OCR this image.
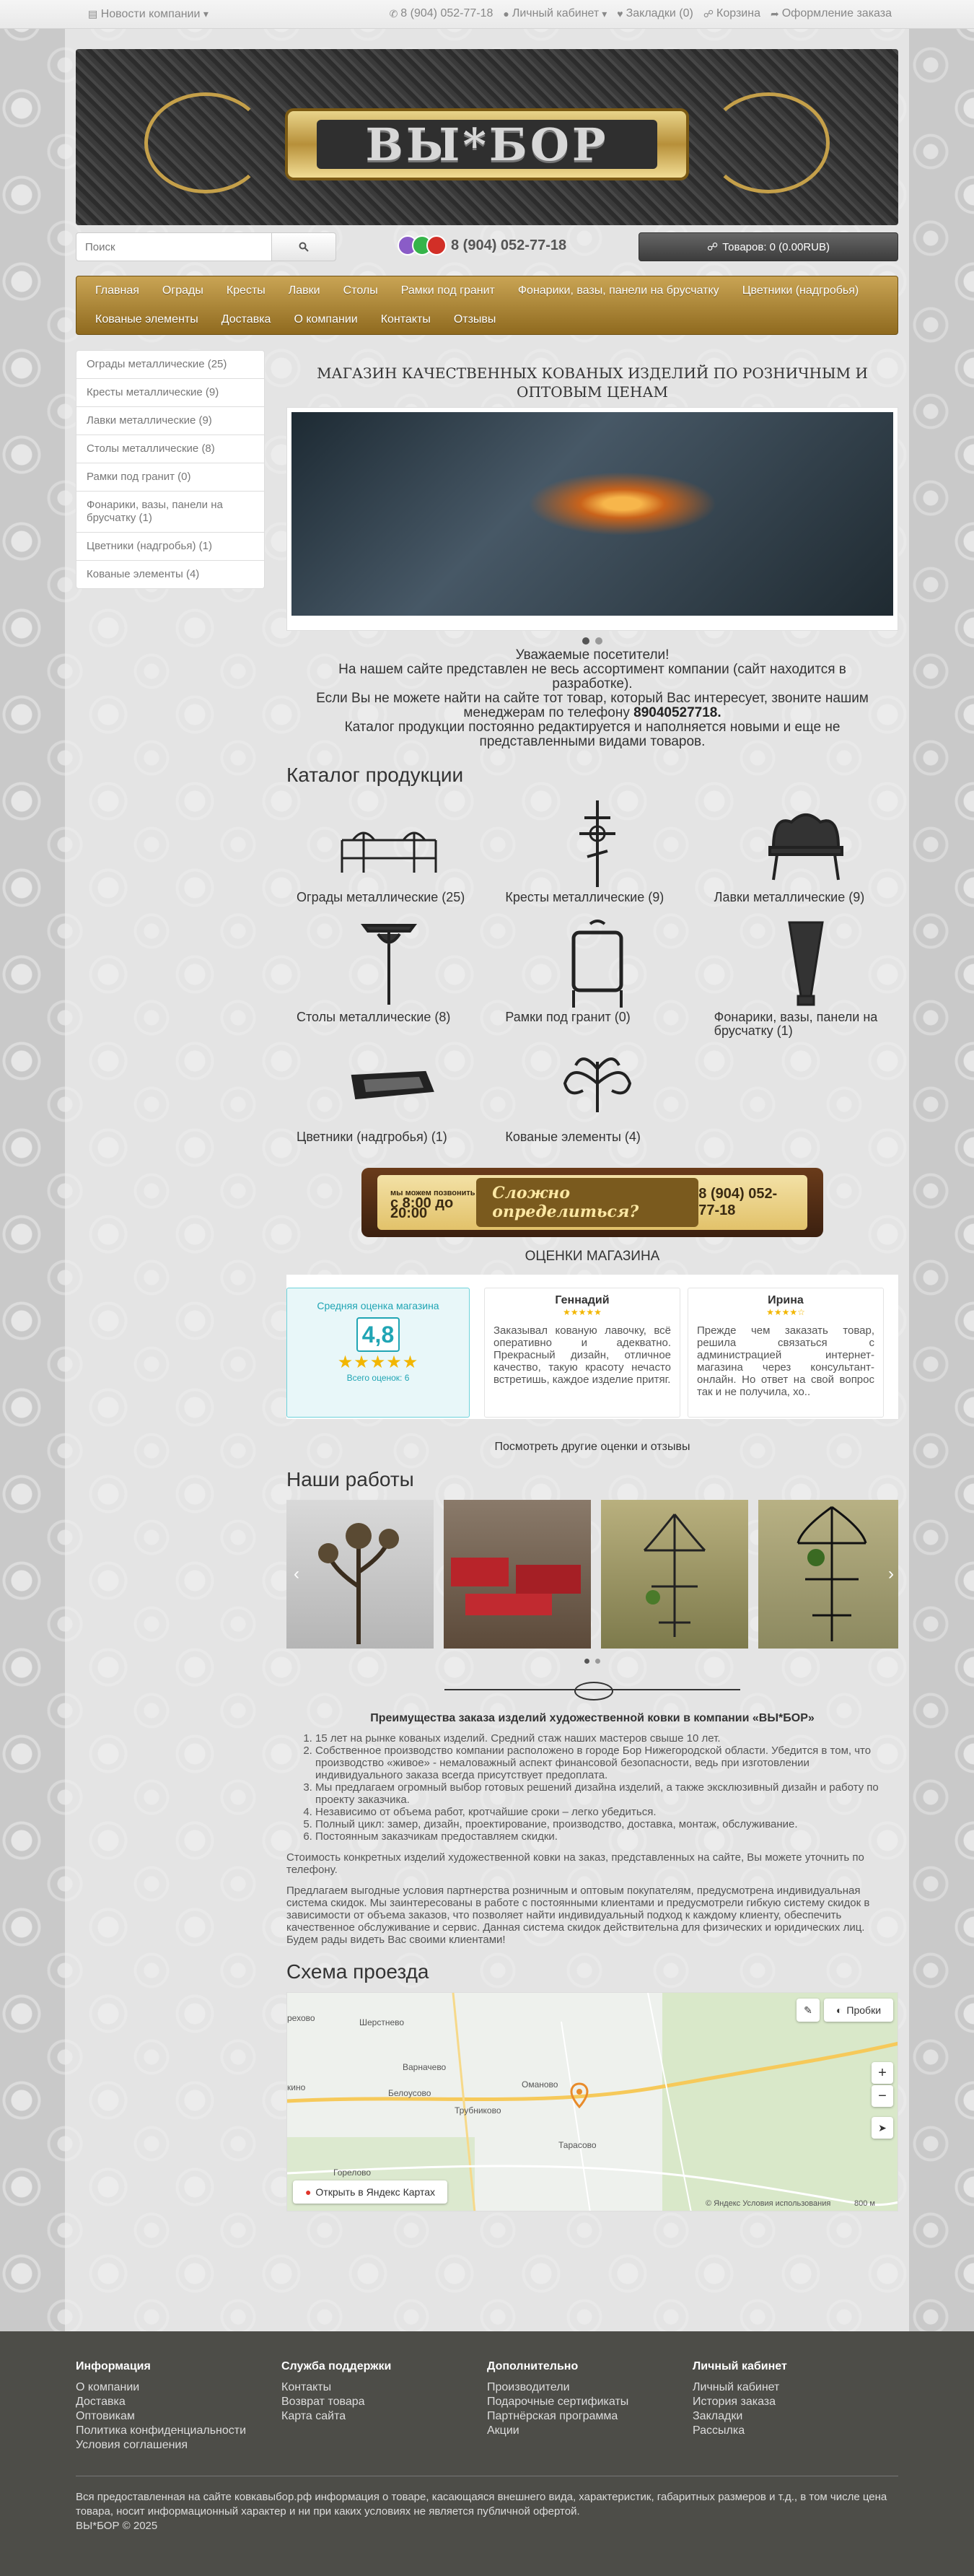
▤ Новости компании ▾	✆ 8 (904) 052-77-18 ● Личный кабинет ▾ ♥ Закладки (0) ☍ Корзина ➦ Оформление заказа
ВЫ*БОР
Поиск
8 (904) 052-77-18	☍ Товаров: 0 (0.00RUB)
Главная	Ограды	Кресты	Лавки	Столы	Рамки под гранит	Фонарики, вазы, панели на брусчатку	Цветники (надгробья)
Кованые элементы	Доставка	О компании	Контакты	Отзывы
Ограды металлические (25)
Кресты металлические (9)
Лавки металлические (9)
Столы металлические (8)
Рамки под гранит (0)
Фонарики, вазы, панели на брусчатку (1)
Цветники (надгробья) (1)
Кованые элементы (4)
МАГАЗИН КАЧЕСТВЕННЫХ КОВАНЫХ ИЗДЕЛИЙ ПО РОЗНИЧНЫМ И ОПТОВЫМ ЦЕНАМ

Уважаемые посетители!

На нашем сайте представлен не весь ассортимент компании (сайт находится в разработке).

Если Вы не можете найти на сайте тот товар, который Вас интересует, звоните нашим менеджерам по телефону 89040527718.

Каталог продукции постоянно редактируется и наполняется новыми и еще не представленными видами товаров.

Каталог продукции
Ограды металлические (25)	Кресты металлические (9)	Лавки металлические (9)
Столы металлические (8)	Рамки под гранит (0)	Фонарики, вазы, панели на брусчатку (1)
Цветники (надгробья) (1)	Кованые элементы (4)
мы можем позвонить
с 8:00 до 20:00
Сложно определиться?
8 (904) 052-77-18
ОЦЕНКИ МАГАЗИНА
Средняя оценка магазина
4,8
★★★★★
Всего оценок: 6
Геннадий
★★★★★
Заказывал кованую лавочку, всё оперативно и адекватно. Прекрасный дизайн, отличное качество, такую красоту нечасто встретишь, каждое изделие притяг.
Ирина
★★★★☆
Прежде чем заказать товар, решила связаться с администрацией интернет-магазина через консультант-онлайн. Но ответ на свой вопрос так и не получила, хо..
Посмотреть другие оценки и отзывы
Наши работы
‹	›
Преимущества заказа изделий художественной ковки в компании «ВЫ*БОР»
1. 15 лет на рынке кованых изделий. Средний стаж наших мастеров свыше 10 лет.
2. Собственное производство компании расположено в городе Бор Нижегородской области. Убедится в том, что производство «живое» - немаловажный аспект финансовой безопасности, ведь при изготовлении индивидуального заказа всегда присутствует предоплата.
3. Мы предлагаем огромный выбор готовых решений дизайна изделий, а также эксклюзивный дизайн и работу по проекту заказчика.
4. Независимо от объема работ, кротчайшие сроки – легко убедиться.
5. Полный цикл: замер, дизайн, проектирование, производство, доставка, монтаж, обслуживание.
6. Постоянным заказчикам предоставляем скидки.

Стоимость конкретных изделий художественной ковки на заказ, представленных на сайте, Вы можете уточнить по телефону.

Предлагаем выгодные условия партнерства розничным и оптовым покупателям, предусмотрена индивидуальная система скидок. Мы заинтересованы в работе с постоянными клиентами и предусмотрели гибкую систему скидок в зависимости от объема заказов, что позволяет найти индивидуальный подход к каждому клиенту, обеспечить качественное обслуживание и сервис. Данная система скидок действительна для физических и юридических лиц. Будем рады видеть Вас своими клиентами!

Схема проезда
рехово	Шерстнево
Варначево
кино
Белоусово
Трубниково
Оманово
Тарасово
Горелово
✎ ◐ Пробки
+
−
➤
● Открыть в Яндекс Картах
© Яндекс Условия использования	800 м
Информация
О компании
Доставка
Оптовикам
Политика конфиденциальности
Условия соглашения
Служба поддержки
Контакты
Возврат товара
Карта сайта
Дополнительно
Производители
Подарочные сертификаты
Партнёрская программа
Акции
Личный кабинет
Личный кабинет
История заказа
Закладки
Рассылка
Вся предоставленная на сайте ковкавыбор.рф информация о товаре, касающаяся внешнего вида, характеристик, габаритных размеров и т.д., в том числе цена товара, носит информационный характер и ни при каких условиях не является публичной офертой.
ВЫ*БОР © 2025
